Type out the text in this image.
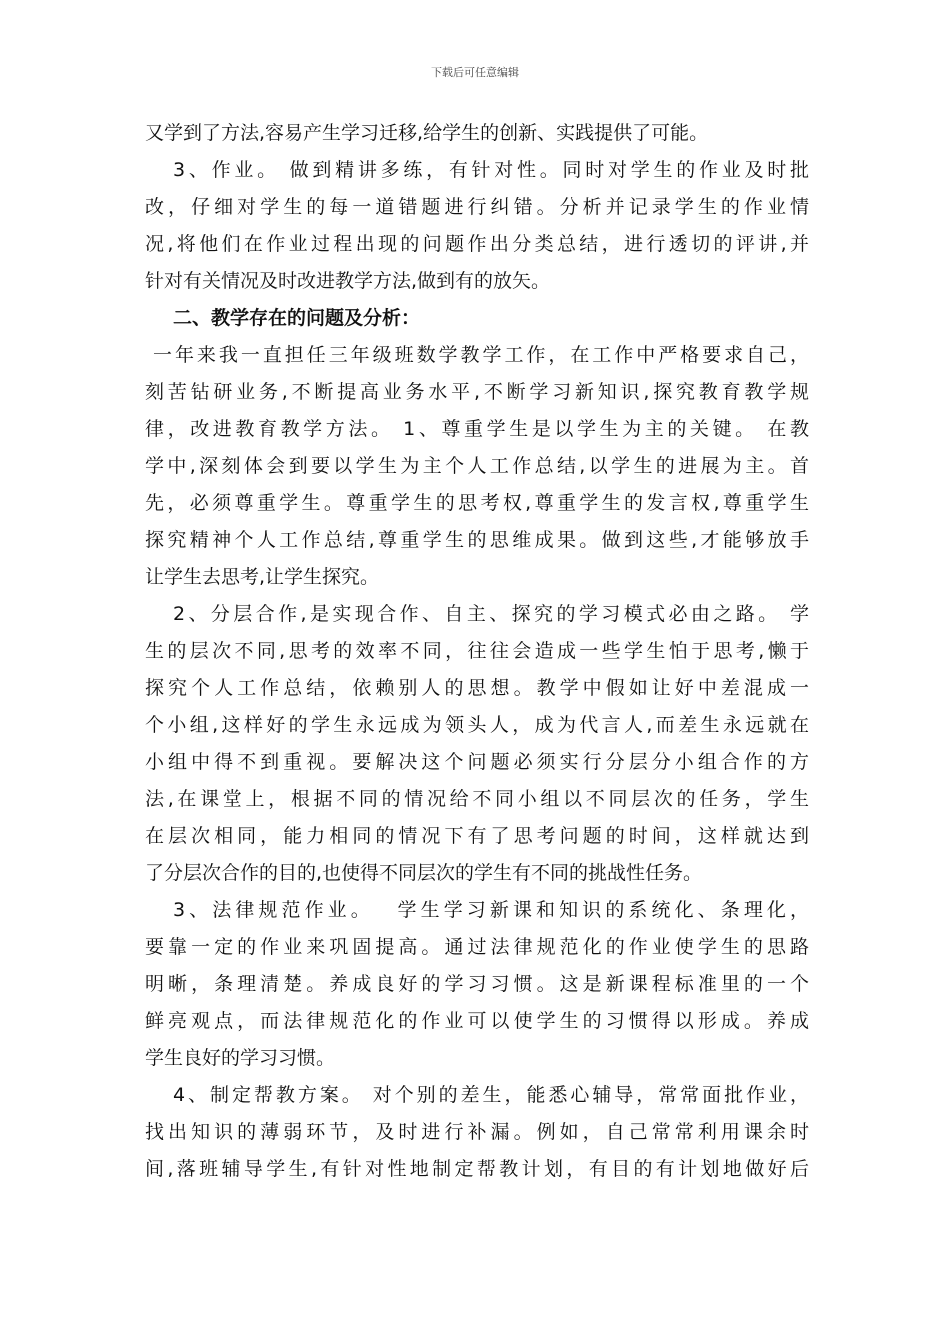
下载后可任意编辑
又学到了方法,容易产生学习迁移,给学生的创新、实践提供了可能。
3、作业。 做到精讲多练，有针对性。同时对学生的作业及时批
改，仔细对学生的每一道错题进行纠错。分析并记录学生的作业情
况,将他们在作业过程出现的问题作出分类总结，进行透切的评讲,并
针对有关情况及时改进教学方法,做到有的放矢。
二、教学存在的问题及分析：
一年来我一直担任三年级班数学教学工作，在工作中严格要求自己，
刻苦钻研业务,不断提高业务水平,不断学习新知识,探究教育教学规
律，改进教育教学方法。 1、尊重学生是以学生为主的关键。 在教
学中,深刻体会到要以学生为主个人工作总结,以学生的进展为主。首
先，必须尊重学生。尊重学生的思考权,尊重学生的发言权,尊重学生
探究精神个人工作总结,尊重学生的思维成果。做到这些,才能够放手
让学生去思考,让学生探究。
2、分层合作,是实现合作、自主、探究的学习模式必由之路。 学
生的层次不同,思考的效率不同，往往会造成一些学生怕于思考,懒于
探究个人工作总结，依赖别人的思想。教学中假如让好中差混成一
个小组,这样好的学生永远成为领头人，成为代言人,而差生永远就在
小组中得不到重视。要解决这个问题必须实行分层分小组合作的方
法,在课堂上，根据不同的情况给不同小组以不同层次的任务，学生
在层次相同，能力相同的情况下有了思考问题的时间，这样就达到
了分层次合作的目的,也使得不同层次的学生有不同的挑战性任务。
3、法律规范作业。　 学生学习新课和知识的系统化、条理化，
要靠一定的作业来巩固提高。通过法律规范化的作业使学生的思路
明晰，条理清楚。养成良好的学习习惯。这是新课程标准里的一个
鲜亮观点，而法律规范化的作业可以使学生的习惯得以形成。养成
学生良好的学习习惯。
4、制定帮教方案。 对个别的差生，能悉心辅导，常常面批作业，
找出知识的薄弱环节，及时进行补漏。例如，自己常常利用课余时
间,落班辅导学生,有针对性地制定帮教计划，有目的有计划地做好后
